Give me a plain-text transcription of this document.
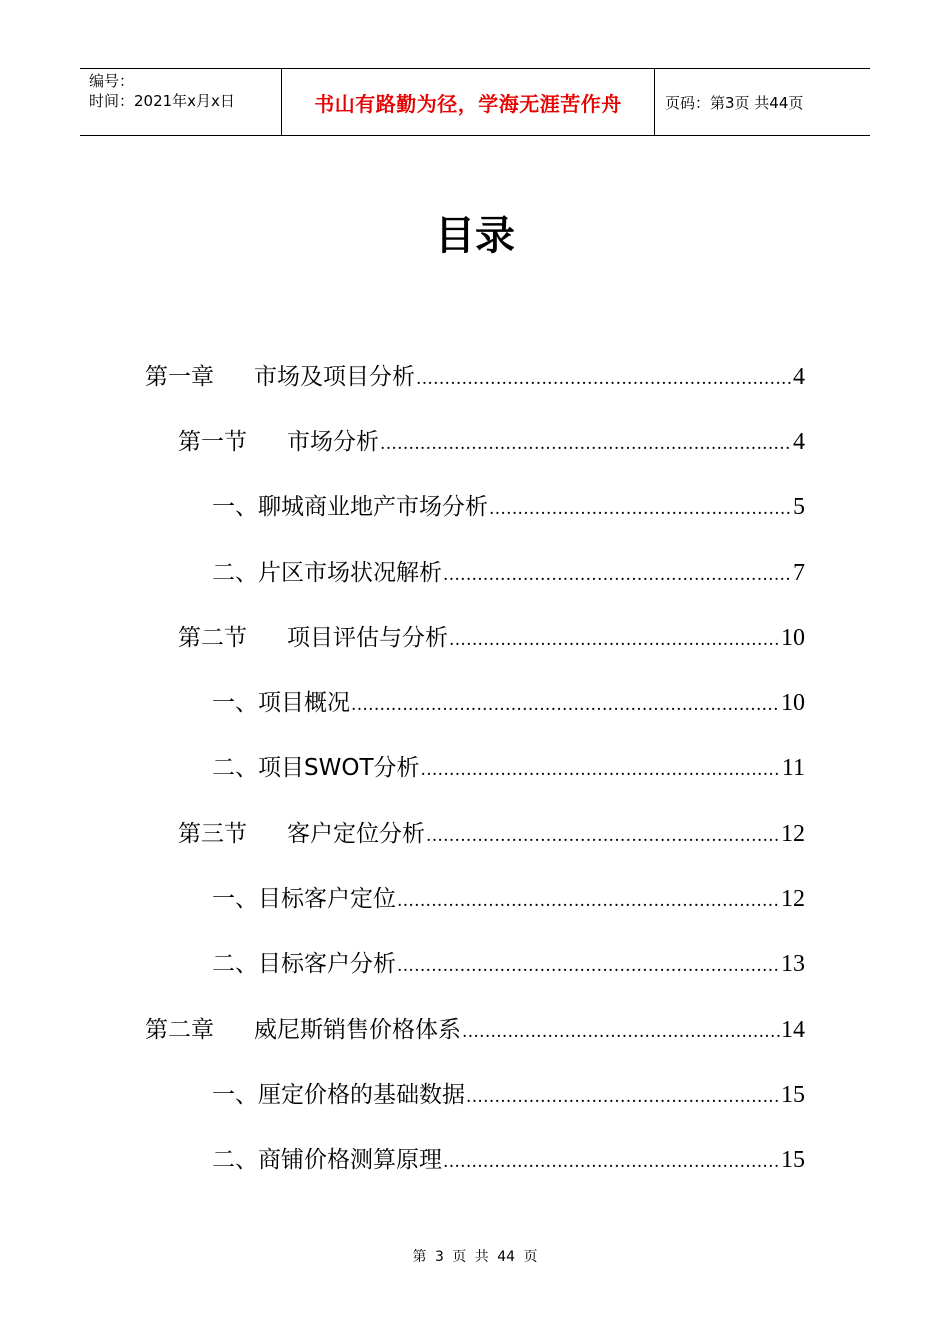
编号：
时间：2021年x月x日	书山有路勤为径，学海无涯苦作舟	页码：第3页 共44页
目录
第一章 市场及项目分析 .....	4
第一节 市场分析 .....	4
一、聊城商业地产市场分析 .....	5
二、片区市场状况解析 .....	7
第二节 项目评估与分析 .....	10
一、项目概况 .....	10
二、项目SWOT分析 .....	11
第三节 客户定位分析 .....	12
一、目标客户定位 .....	12
二、目标客户分析 .....	13
第二章 威尼斯销售价格体系 .....	14
一、厘定价格的基础数据 .....	15
二、商铺价格测算原理 .....	15
第 3 页 共 44 页
